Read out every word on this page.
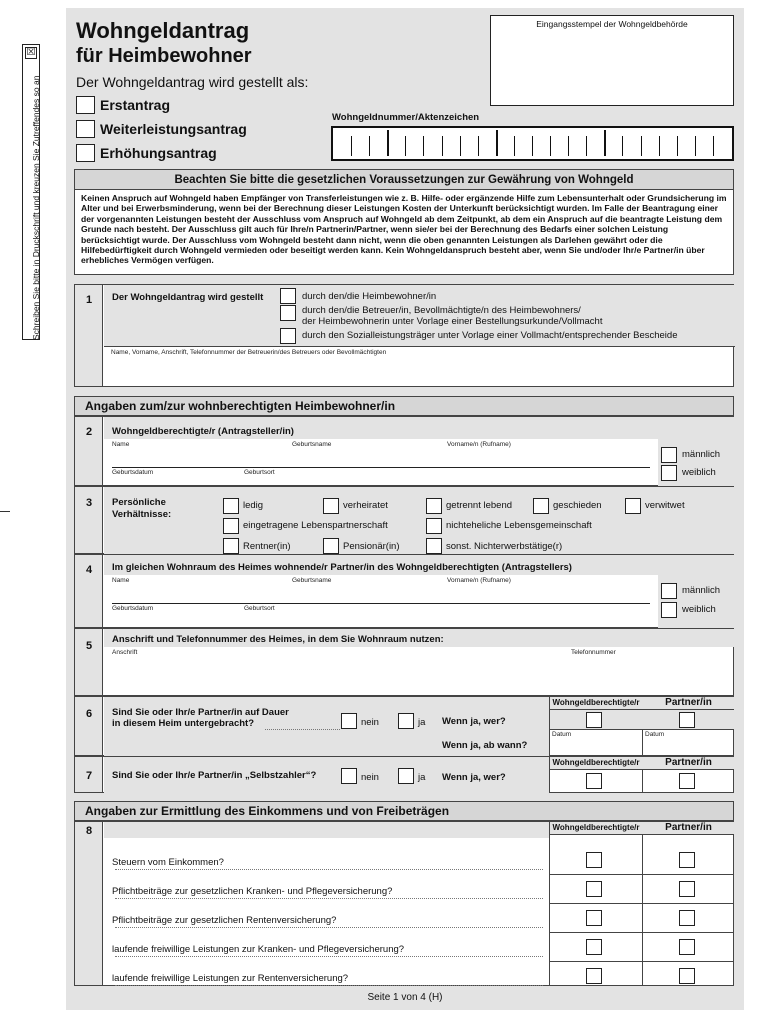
Schreiben Sie bitte in Druckschrift und kreuzen Sie Zutreffendes so an
☒
Wohngeldantrag
für Heimbewohner
Der Wohngeldantrag wird gestellt als:
Erstantrag
Weiterleistungsantrag
Erhöhungsantrag
Eingangsstempel der Wohngeldbehörde
Wohngeldnummer/Aktenzeichen
Beachten Sie bitte die gesetzlichen Voraussetzungen zur Gewährung von Wohngeld
Keinen Anspruch auf Wohngeld haben Empfänger von Transferleistungen wie z. B. Hilfe- oder ergänzende Hilfe zum Lebensunterhalt oder Grundsicherung im Alter und bei Erwerbsminderung, wenn bei der Berechnung dieser Leistungen Kosten der Unterkunft berücksichtigt wurden. Im Falle der Beantragung einer der vorgenannten Leistungen besteht der Ausschluss vom Anspruch auf Wohngeld ab dem Zeitpunkt, ab dem ein Anspruch auf die beantragte Leistung dem Grunde nach besteht. Der Ausschluss gilt auch für Ihre/n Partnerin/Partner, wenn sie/er bei der Berechnung des Bedarfs einer solchen Leistung berücksichtigt wurde. Der Ausschluss vom Wohngeld besteht dann nicht, wenn die oben genannten Leistungen als Darlehen gewährt oder die Hilfebedürftigkeit durch Wohngeld vermieden oder beseitigt werden kann. Kein Wohngeldanspruch besteht aber, wenn Sie und/oder Ihr/e Partner/in über erhebliches Vermögen verfügen.
1	Der Wohngeldantrag wird gestellt	durch den/die Heimbewohner/in
durch den/die Betreuer/in, Bevollmächtigte/n des Heimbewohners/
der Heimbewohnerin unter Vorlage einer Bestellungsurkunde/Vollmacht
durch den Sozialleistungsträger unter Vorlage einer Vollmacht/entsprechender Bescheide
Name, Vorname, Anschrift, Telefonnummer der Betreuerin/des Betreuers oder Bevollmächtigten
Angaben zum/zur wohnberechtigten Heimbewohner/in
2	Wohngeldberechtigte/r (Antragsteller/in)
Name	Geburtsname	Vorname/n (Rufname)
Geburtsdatum	Geburtsort
männlich
weiblich
3	Persönliche
Verhältnisse:
ledig	verheiratet	getrennt lebend	geschieden	verwitwet
eingetragene Lebenspartnerschaft	nichteheliche Lebensgemeinschaft
Rentner(in)	Pensionär(in)	sonst. Nichterwerbstätige(r)
4	Im gleichen Wohnraum des Heimes wohnende/r Partner/in des Wohngeldberechtigten (Antragstellers)
Name	Geburtsname	Vorname/n (Rufname)
Geburtsdatum	Geburtsort
männlich
weiblich
5
Anschrift und Telefonnummer des Heimes, in dem Sie Wohnraum nutzen:
Anschrift	Telefonnummer
6	Sind Sie oder Ihr/e Partner/in auf Dauer
in diesem Heim untergebracht?	nein	ja Wenn ja, wer?
Wenn ja, ab wann?
Wohngeldberechtigte/r	Partner/in
Datum	Datum
7	Sind Sie oder Ihr/e Partner/in „Selbstzahler“?	nein	ja Wenn ja, wer?
Wohngeldberechtigte/r	Partner/in
Angaben zur Ermittlung des Einkommens und von Freibeträgen
8	Wohngeldberechtigte/r	Partner/in
Steuern vom Einkommen?
Pflichtbeiträge zur gesetzlichen Kranken- und Pflegeversicherung?
Pflichtbeiträge zur gesetzlichen Rentenversicherung?
laufende freiwillige Leistungen zur Kranken- und Pflegeversicherung?
laufende freiwillige Leistungen zur Rentenversicherung?
Seite 1 von 4 (H)
